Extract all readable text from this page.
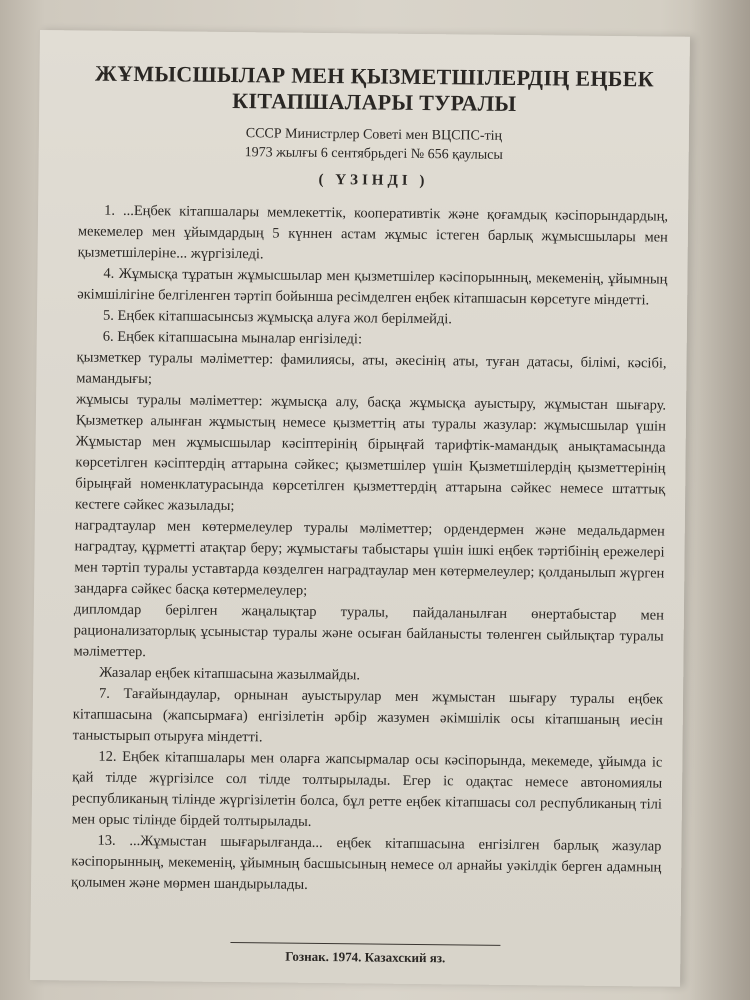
ЖҰМЫСШЫЛАР МЕН ҚЫЗМЕТШІЛЕРДІҢ ЕҢБЕК
КІТАПШАЛАРЫ ТУРАЛЫ
СССР Министрлер Советі мен ВЦСПС-тің
1973 жылғы 6 сентябрьдегі № 656 қаулысы
( ҮЗІНДІ )

1. ...Еңбек кітапшалары мемлекеттік, кооперативтік және қоғамдық кәсіпорындардың, мекемелер мен ұйымдардың 5 күннен астам жұмыс істеген барлық жұмысшылары мен қызметшілеріне... жүргізіледі.

4. Жұмысқа тұратын жұмысшылар мен қызметшілер кәсіпорынның, мекеменің, ұйымның әкімшілігіне белгіленген тәртіп бойынша ресімделген еңбек кітапшасын көрсетуге міндетті.

5. Еңбек кітапшасынсыз жұмысқа алуға жол берілмейді.

6. Еңбек кітапшасына мыналар енгізіледі:

қызметкер туралы мәліметтер: фамилиясы, аты, әкесінің аты, туған датасы, білімі, кәсібі, мамандығы;

жұмысы туралы мәліметтер: жұмысқа алу, басқа жұмысқа ауыстыру, жұмыстан шығару. Қызметкер алынған жұмыстың немесе қызметтің аты туралы жазулар: жұмысшылар үшін Жұмыстар мен жұмысшылар кәсіптерінің бірыңғай тарифтік-мамандық анықтамасында көрсетілген кәсіптердің аттарына сәйкес; қызметшілер үшін Қызметшілердің қызметтерінің бірыңғай номенклатурасында көрсетілген қызметтердің аттарына сәйкес немесе штаттық кестеге сәйкес жазылады;

наградтаулар мен көтермелеулер туралы мәліметтер; ордендермен және медальдармен наградтау, құрметті атақтар беру; жұмыстағы табыстары үшін ішкі еңбек тәртібінің ережелері мен тәртіп туралы уставтарда көзделген наградтаулар мен көтермелеулер; қолданылып жүрген зандарға сәйкес басқа көтермелеулер;

дипломдар берілген жаңалықтар туралы, пайдаланылған өнертабыстар мен рационализаторлық ұсыныстар туралы және осыған байланысты төленген сыйлықтар туралы мәліметтер.

Жазалар еңбек кітапшасына жазылмайды.

7. Тағайындаулар, орнынан ауыстырулар мен жұмыстан шығару туралы еңбек кітапшасына (жапсырмаға) енгізілетін әрбір жазумен әкімшілік осы кітапшаның иесін таныстырып отыруға міндетті.

12. Еңбек кітапшалары мен оларға жапсырмалар осы кәсіпорында, мекемеде, ұйымда іс қай тілде жүргізілсе сол тілде толтырылады. Егер іс одақтас немесе автономиялы республиканың тілінде жүргізілетін болса, бұл ретте еңбек кітапшасы сол республиканың тілі мен орыс тілінде бірдей толтырылады.

13. ...Жұмыстан шығарылғанда... еңбек кітапшасына енгізілген барлық жазулар кәсіпорынның, мекеменің, ұйымның басшысының немесе ол арнайы уәкілдік берген адамның қолымен және мөрмен шандырылады.

Гознак. 1974. Казахский яз.
